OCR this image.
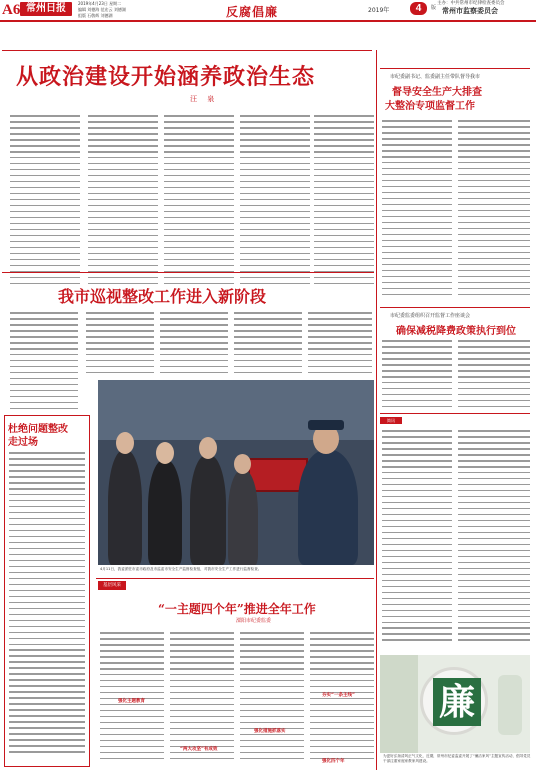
A6 常州日报	2019年4月23日 星期二
编辑 刘德海 范宏云 刘德湖
组版 石敬辉 刘德湖	反腐倡廉	2019年	4	版
主办：中共常州市纪律检查委员会
常州市监察委员会
从政治建设开始涵养政治生态
汪 泉
市纪委副书记、监委副主任带队督导我市
督导安全生产大排查
大整治专项监督工作
市纪委监委组织召开监督工作座谈会
确保减税降费政策执行到位
简讯
我市巡视整改工作进入新阶段
杜绝问题整改走过场
4月11日，我委派驻市委市政府及市监委市安全生产监督检查组，对我市安全生产工作进行监督检查。
基层风采
“一主题四个年”推进全年工作
溧阳市纪委监委
强化主题教育
“两大攻坚”有成效
强化措施抓落实
夯实“一条主线”
强化四个年
廉
为更好弘扬清风正气文化，近期，常州市纪委监委开展了“廉洁家风”主题宣传活动，倡导党员干部注重家庭家教家风建设。
